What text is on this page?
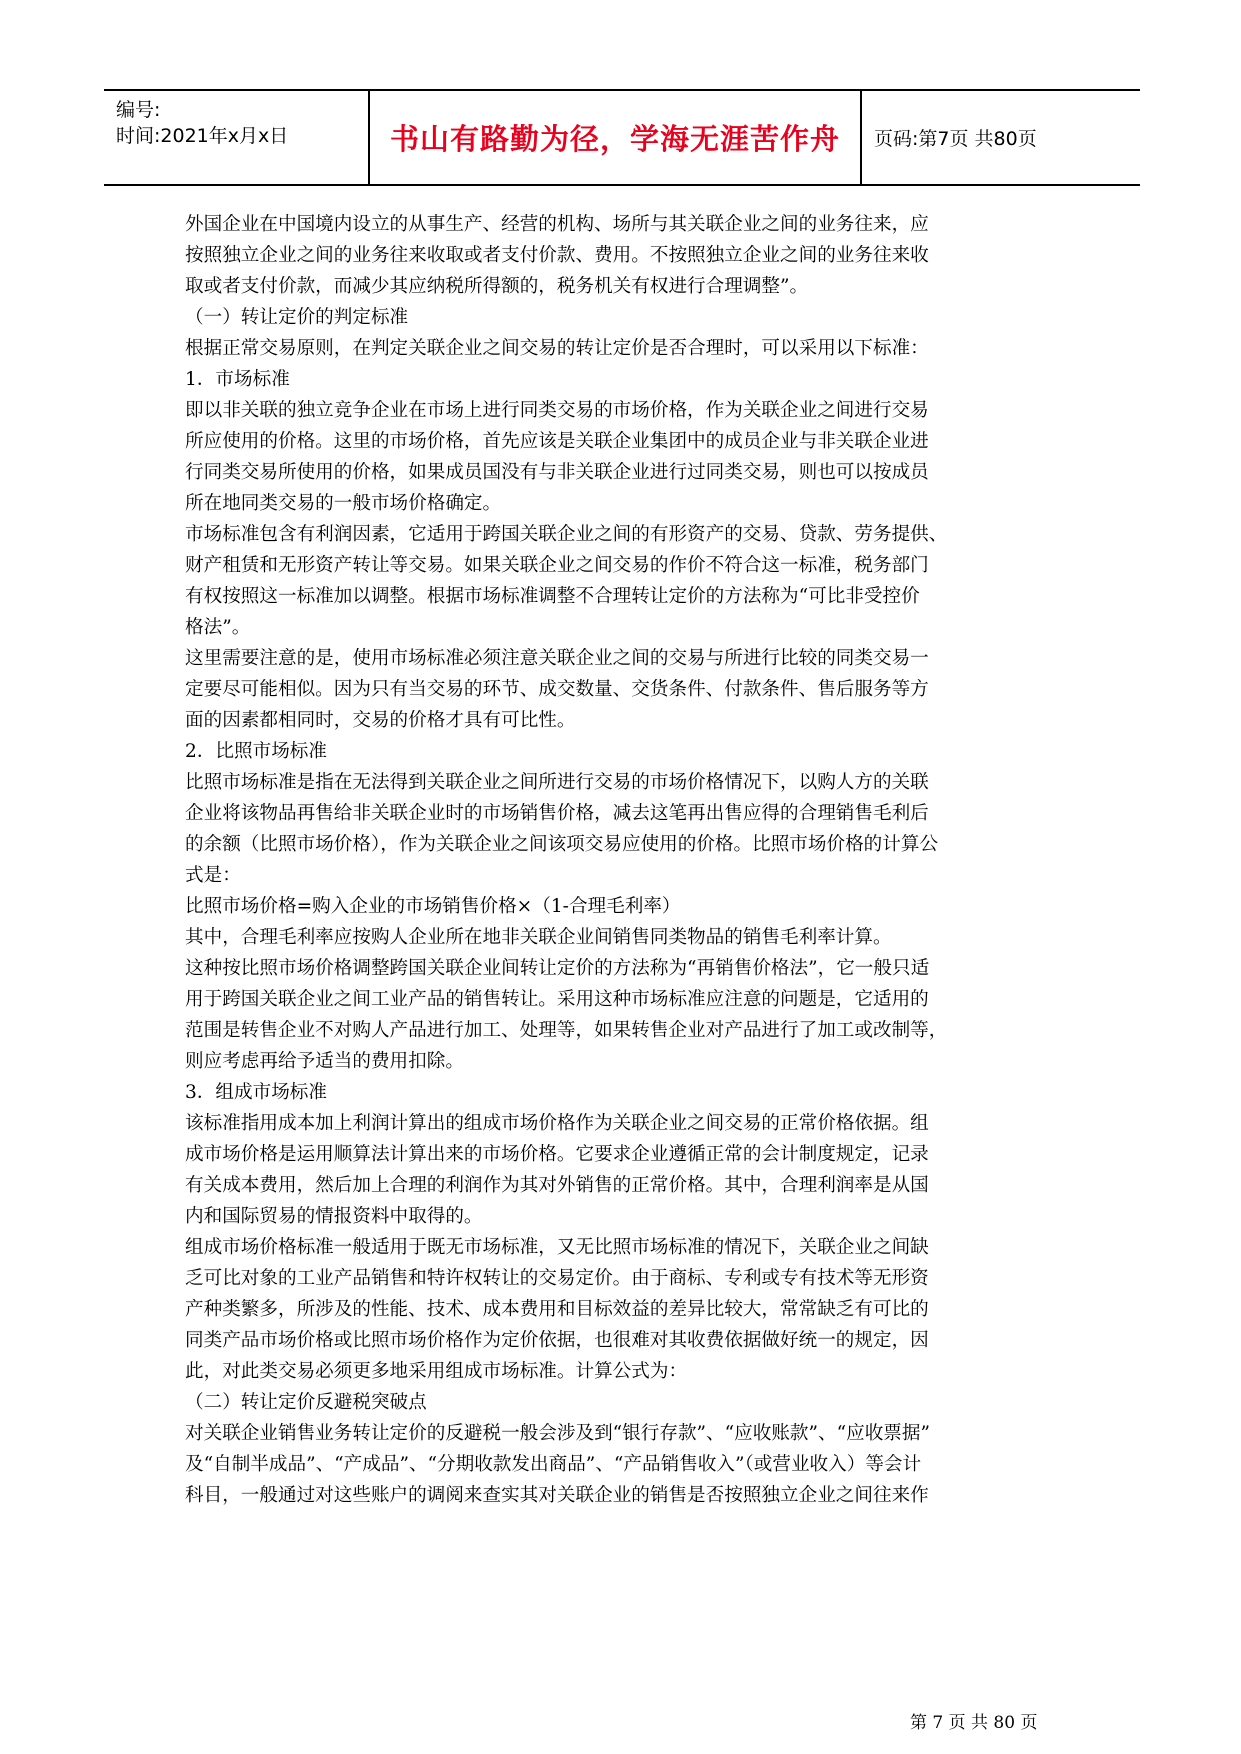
编号:
时间:2021年x月x日	书山有路勤为径，学海无涯苦作舟	页码:第7页 共80页
外国企业在中国境内设立的从事生产、经营的机构、场所与其关联企业之间的业务往来，应
按照独立企业之间的业务往来收取或者支付价款、费用。不按照独立企业之间的业务往来收
取或者支付价款，而减少其应纳税所得额的，税务机关有权进行合理调整”。
（一）转让定价的判定标准
根据正常交易原则，在判定关联企业之间交易的转让定价是否合理时，可以采用以下标准：
1．市场标准
即以非关联的独立竞争企业在市场上进行同类交易的市场价格，作为关联企业之间进行交易
所应使用的价格。这里的市场价格，首先应该是关联企业集团中的成员企业与非关联企业进
行同类交易所使用的价格，如果成员国没有与非关联企业进行过同类交易，则也可以按成员
所在地同类交易的一般市场价格确定。
市场标准包含有利润因素，它适用于跨国关联企业之间的有形资产的交易、贷款、劳务提供、
财产租赁和无形资产转让等交易。如果关联企业之间交易的作价不符合这一标准，税务部门
有权按照这一标准加以调整。根据市场标准调整不合理转让定价的方法称为“可比非受控价
格法”。
这里需要注意的是，使用市场标准必须注意关联企业之间的交易与所进行比较的同类交易一
定要尽可能相似。因为只有当交易的环节、成交数量、交货条件、付款条件、售后服务等方
面的因素都相同时，交易的价格才具有可比性。
2．比照市场标准
比照市场标准是指在无法得到关联企业之间所进行交易的市场价格情况下，以购人方的关联
企业将该物品再售给非关联企业时的市场销售价格，减去这笔再出售应得的合理销售毛利后
的余额（比照市场价格），作为关联企业之间该项交易应使用的价格。比照市场价格的计算公
式是：
比照市场价格=购入企业的市场销售价格×（1-合理毛利率）
其中，合理毛利率应按购人企业所在地非关联企业间销售同类物品的销售毛利率计算。
这种按比照市场价格调整跨国关联企业间转让定价的方法称为“再销售价格法”，它一般只适
用于跨国关联企业之间工业产品的销售转让。采用这种市场标准应注意的问题是，它适用的
范围是转售企业不对购人产品进行加工、处理等，如果转售企业对产品进行了加工或改制等，
则应考虑再给予适当的费用扣除。
3．组成市场标准
该标准指用成本加上利润计算出的组成市场价格作为关联企业之间交易的正常价格依据。组
成市场价格是运用顺算法计算出来的市场价格。它要求企业遵循正常的会计制度规定，记录
有关成本费用，然后加上合理的利润作为其对外销售的正常价格。其中，合理利润率是从国
内和国际贸易的情报资料中取得的。
组成市场价格标准一般适用于既无市场标准，又无比照市场标准的情况下，关联企业之间缺
乏可比对象的工业产品销售和特许权转让的交易定价。由于商标、专利或专有技术等无形资
产种类繁多，所涉及的性能、技术、成本费用和目标效益的差异比较大，常常缺乏有可比的
同类产品市场价格或比照市场价格作为定价依据，也很难对其收费依据做好统一的规定，因
此，对此类交易必须更多地采用组成市场标准。计算公式为：
（二）转让定价反避税突破点
对关联企业销售业务转让定价的反避税一般会涉及到“银行存款”、“应收账款”、“应收票据”
及“自制半成品”、“产成品”、“分期收款发出商品”、“产品销售收入”（或营业收入）等会计
科目，一般通过对这些账户的调阅来查实其对关联企业的销售是否按照独立企业之间往来作
第 7 页 共 80 页
